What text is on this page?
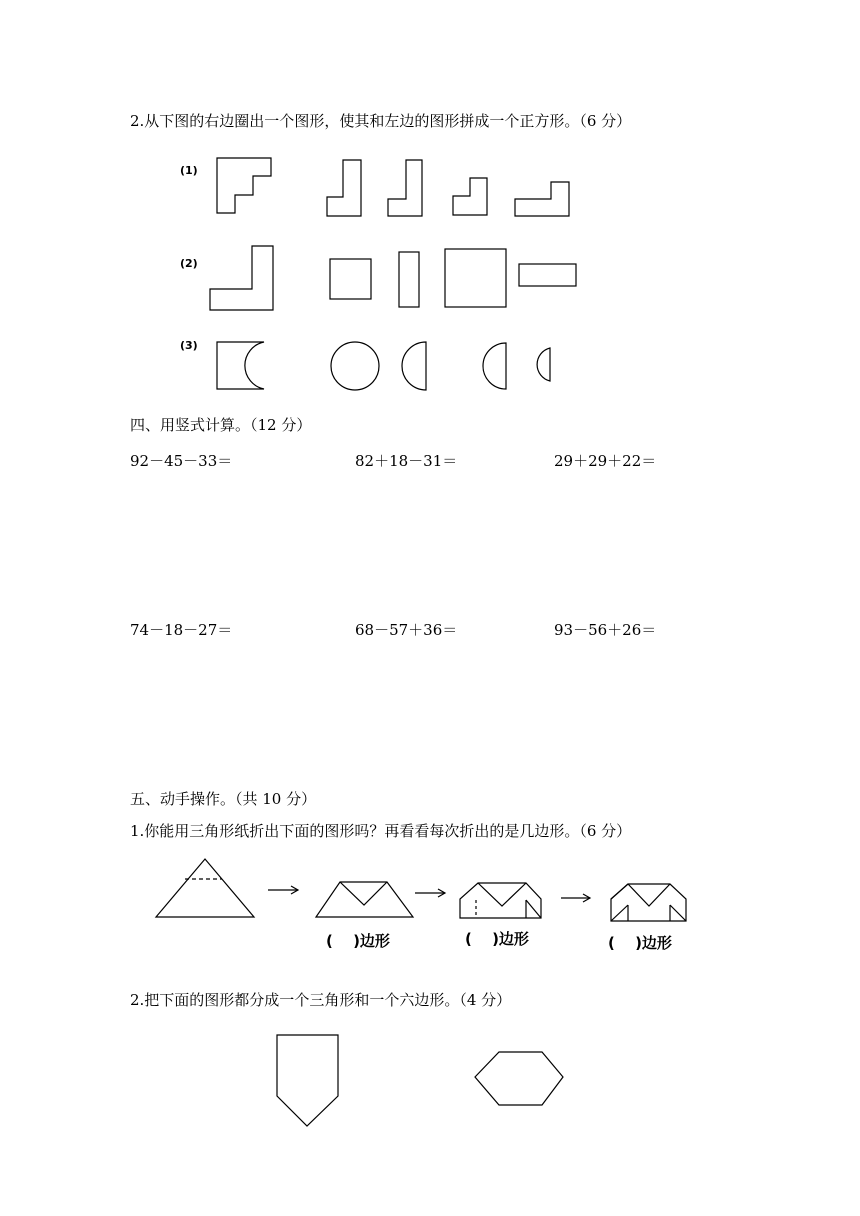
2.从下图的右边圈出一个图形，使其和左边的图形拼成一个正方形。（6 分）
(1)
(2)
(3)
四、用竖式计算。（12 分）
92－45－33＝	82＋18－31＝	29＋29＋22＝
74－18－27＝	68－57＋36＝	93－56＋26＝
五、动手操作。（共 10 分）
1.你能用三角形纸折出下面的图形吗？再看看每次折出的是几边形。（6 分）
(　 )边形	(　 )边形	(　 )边形
2.把下面的图形都分成一个三角形和一个六边形。（4 分）
